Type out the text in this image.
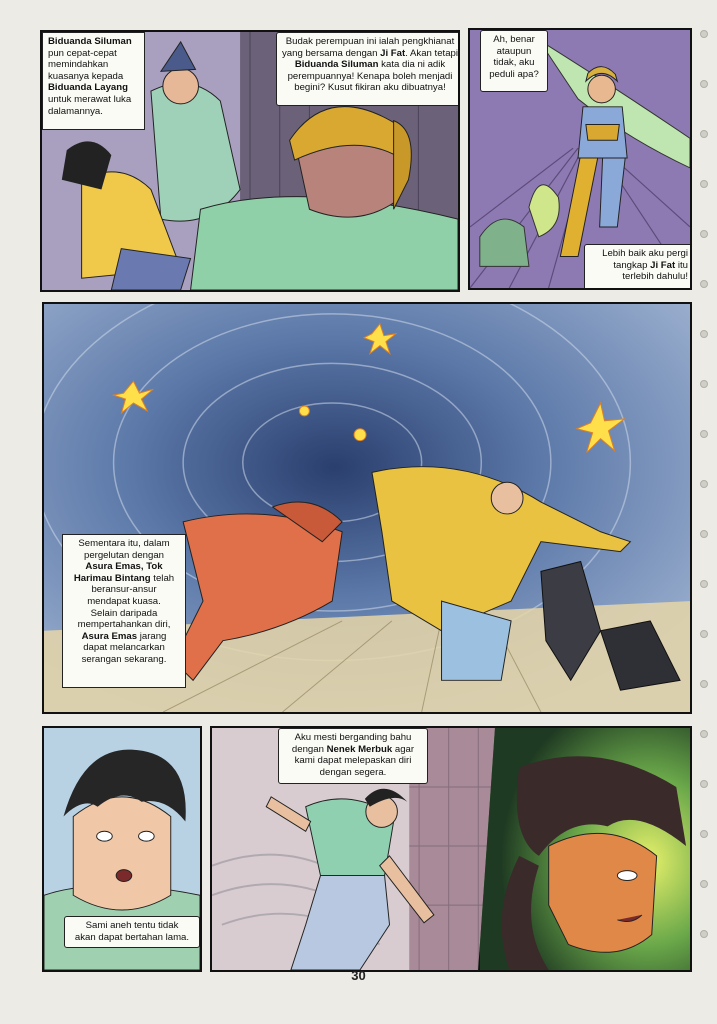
Biduanda Siluman
pun cepat-cepat
memindahkan
kuasanya kepada
Biduanda Layang
untuk merawat luka
dalamannya.
Budak perempuan ini ialah pengkhianat
yang bersama dengan Ji Fat. Akan tetapi
Biduanda Siluman kata dia ni adik
perempuannya! Kenapa boleh menjadi
begini? Kusut fikiran aku dibuatnya!
Ah, benar
ataupun
tidak, aku
peduli apa?
Lebih baik aku pergi
tangkap Ji Fat itu
terlebih dahulu!
Sementara itu, dalam
pergelutan dengan
Asura Emas, Tok
Harimau Bintang telah
beransur-ansur
mendapat kuasa.
Selain daripada
mempertahankan diri,
Asura Emas jarang
dapat melancarkan
serangan sekarang.
Sami aneh tentu tidak
akan dapat bertahan lama.
Aku mesti berganding bahu
dengan Nenek Merbuk agar
kami dapat melepaskan diri
dengan segera.
30
